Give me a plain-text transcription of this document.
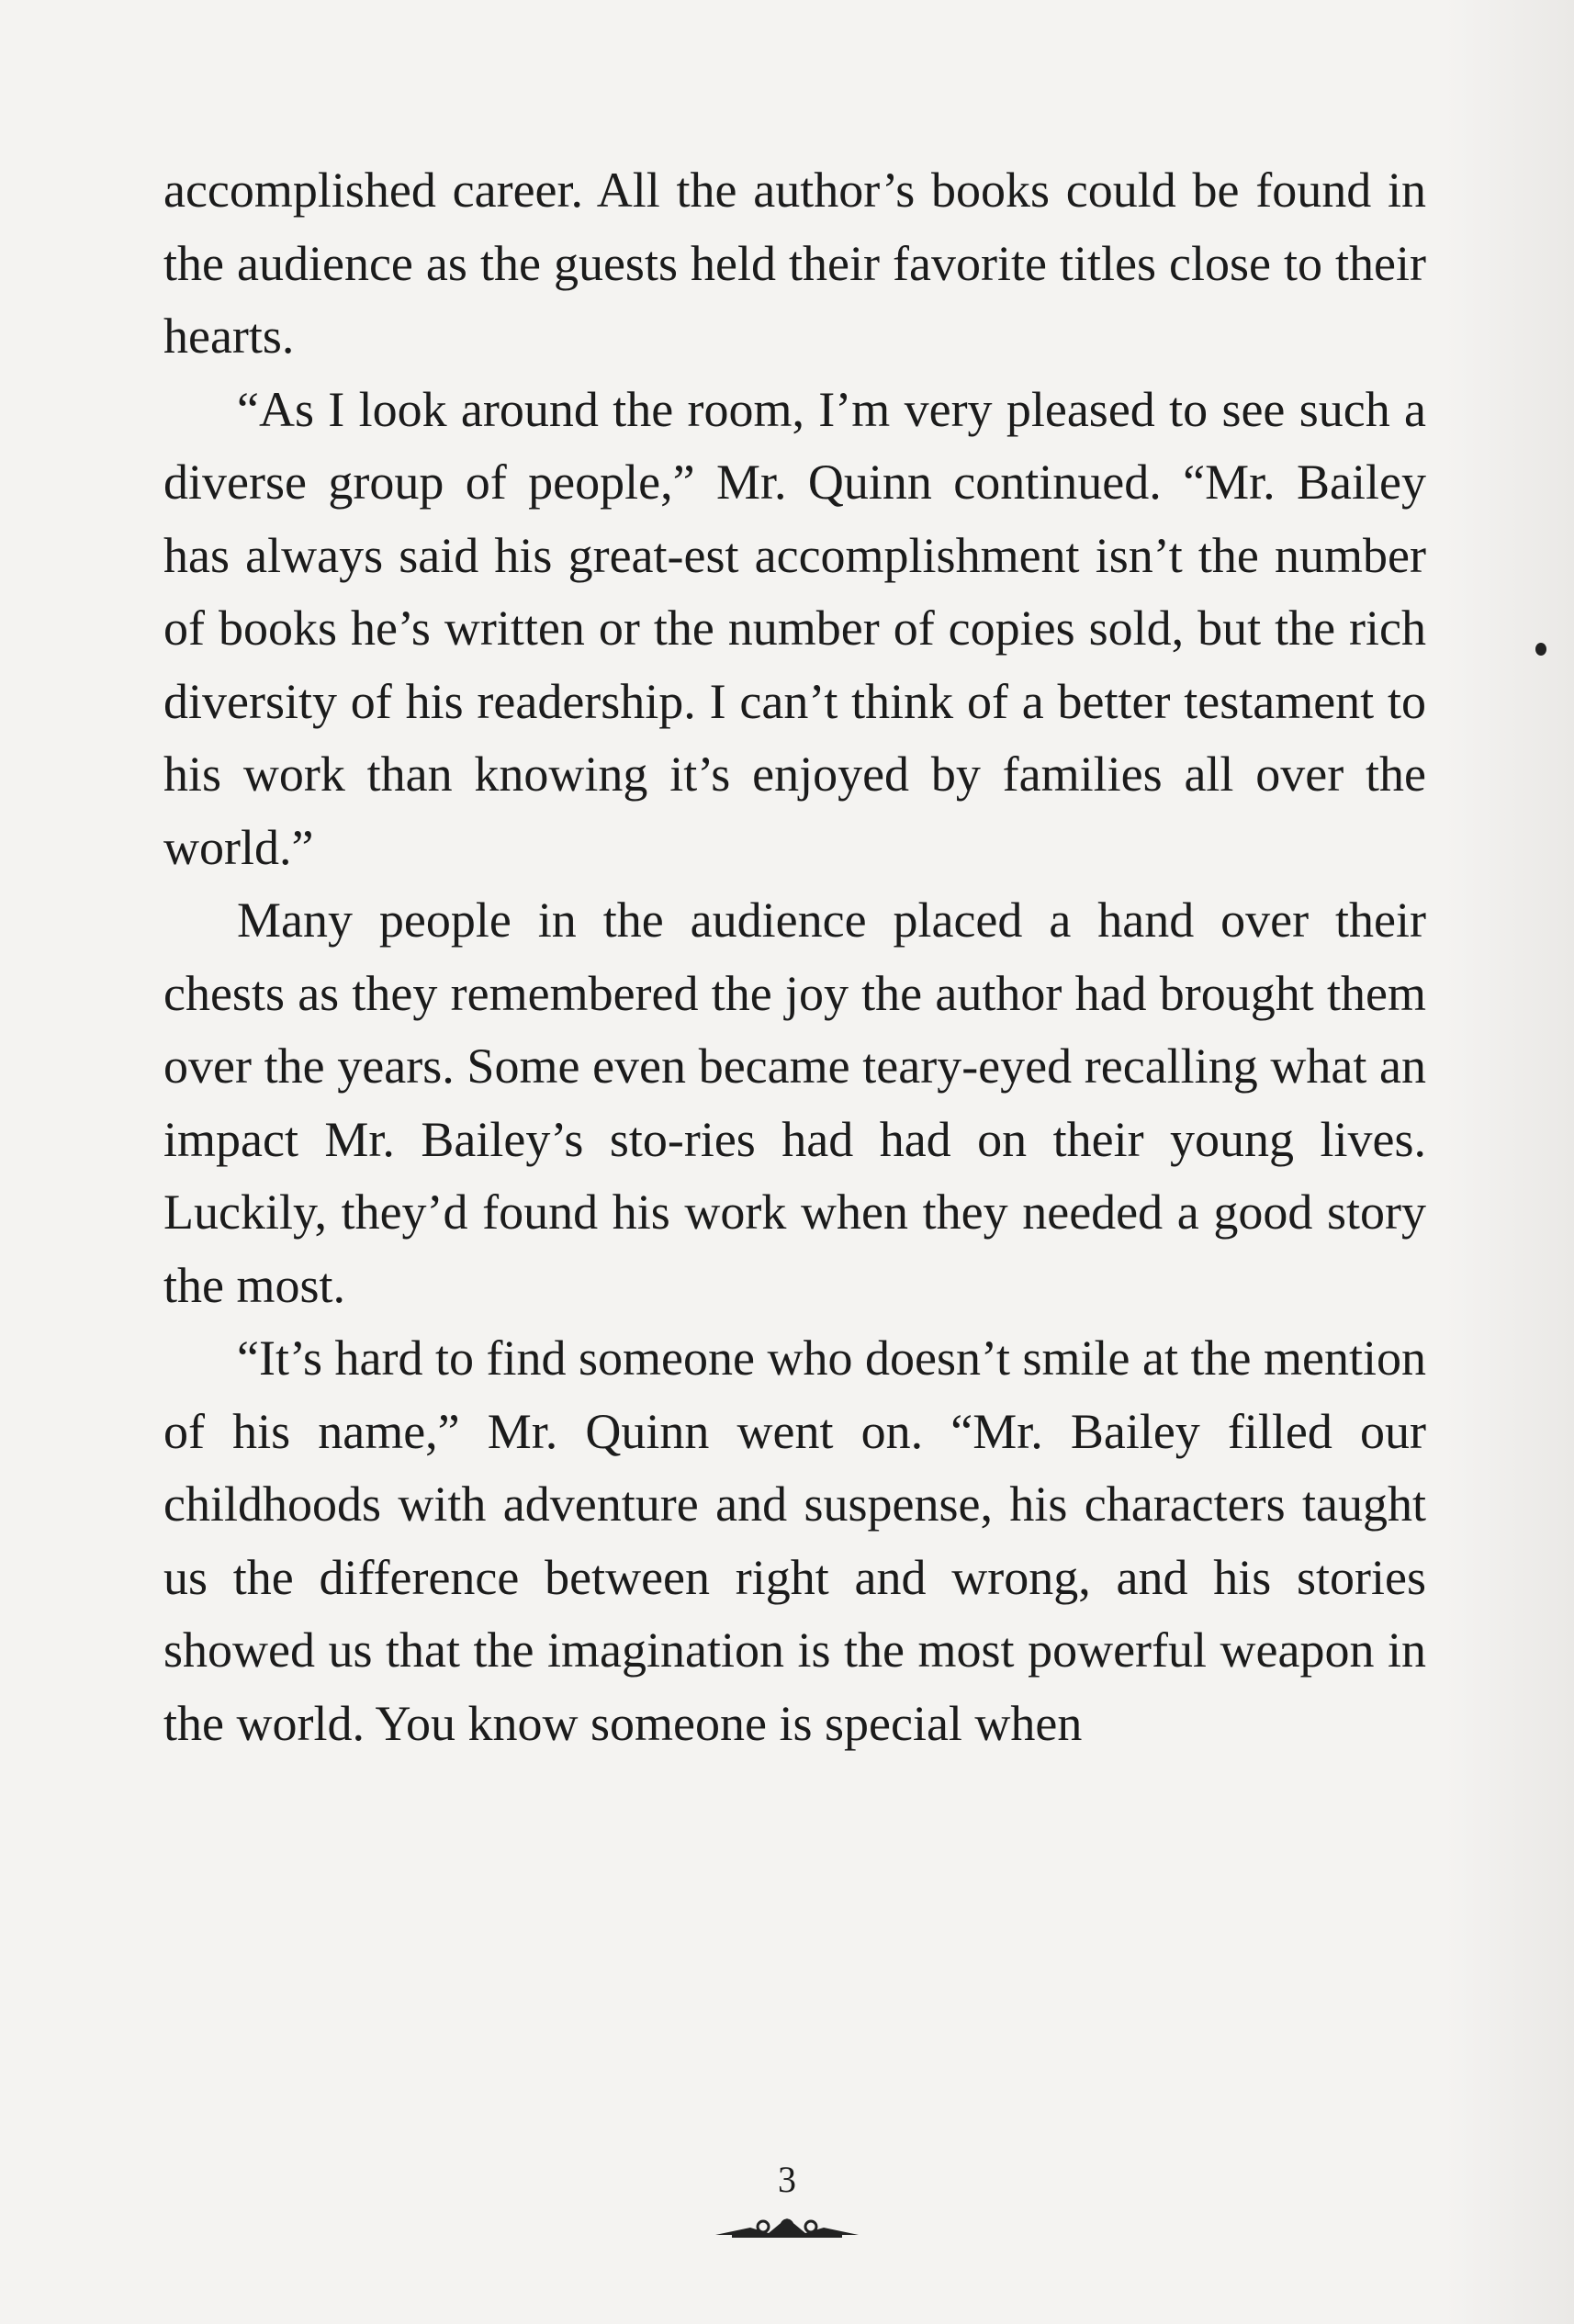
accomplished career. All the author’s books could be found in the audience as the guests held their favorite titles close to their hearts.

“As I look around the room, I’m very pleased to see such a diverse group of people,” Mr. Quinn continued. “Mr. Bailey has always said his great-est accomplishment isn’t the number of books he’s written or the number of copies sold, but the rich diversity of his readership. I can’t think of a better testament to his work than knowing it’s enjoyed by families all over the world.”

Many people in the audience placed a hand over their chests as they remembered the joy the author had brought them over the years. Some even became teary-eyed recalling what an impact Mr. Bailey’s sto-ries had had on their young lives. Luckily, they’d found his work when they needed a good story the most.

“It’s hard to find someone who doesn’t smile at the mention of his name,” Mr. Quinn went on. “Mr. Bailey filled our childhoods with adventure and suspense, his characters taught us the difference between right and wrong, and his stories showed us that the imagination is the most powerful weapon in the world. You know someone is special when

3
